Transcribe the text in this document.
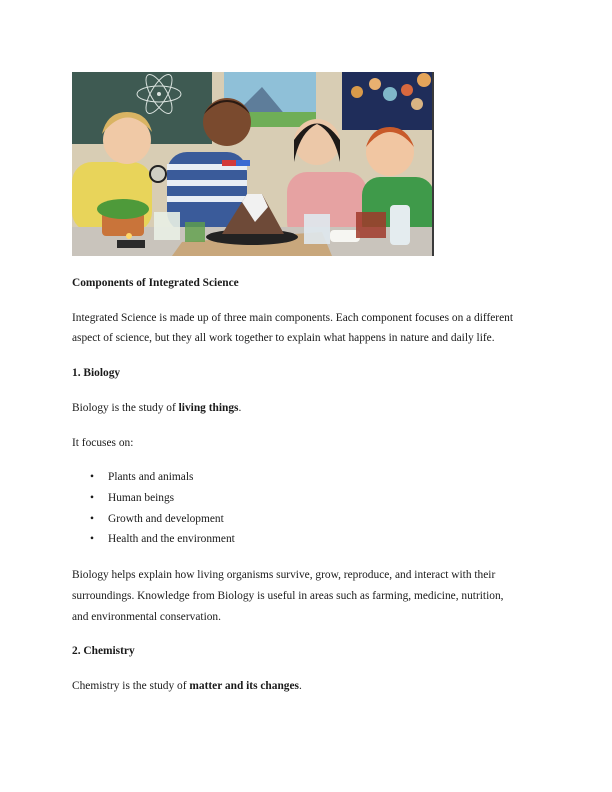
Components of Integrated Science
Integrated Science is made up of three main components. Each component focuses on a different
aspect of science, but they all work together to explain what happens in nature and daily life.
1. Biology
Biology is the study of living things.
It focuses on:
• Plants and animals
• Human beings
• Growth and development
• Health and the environment
Biology helps explain how living organisms survive, grow, reproduce, and interact with their
surroundings. Knowledge from Biology is useful in areas such as farming, medicine, nutrition,
and environmental conservation.
2. Chemistry
Chemistry is the study of matter and its changes.
